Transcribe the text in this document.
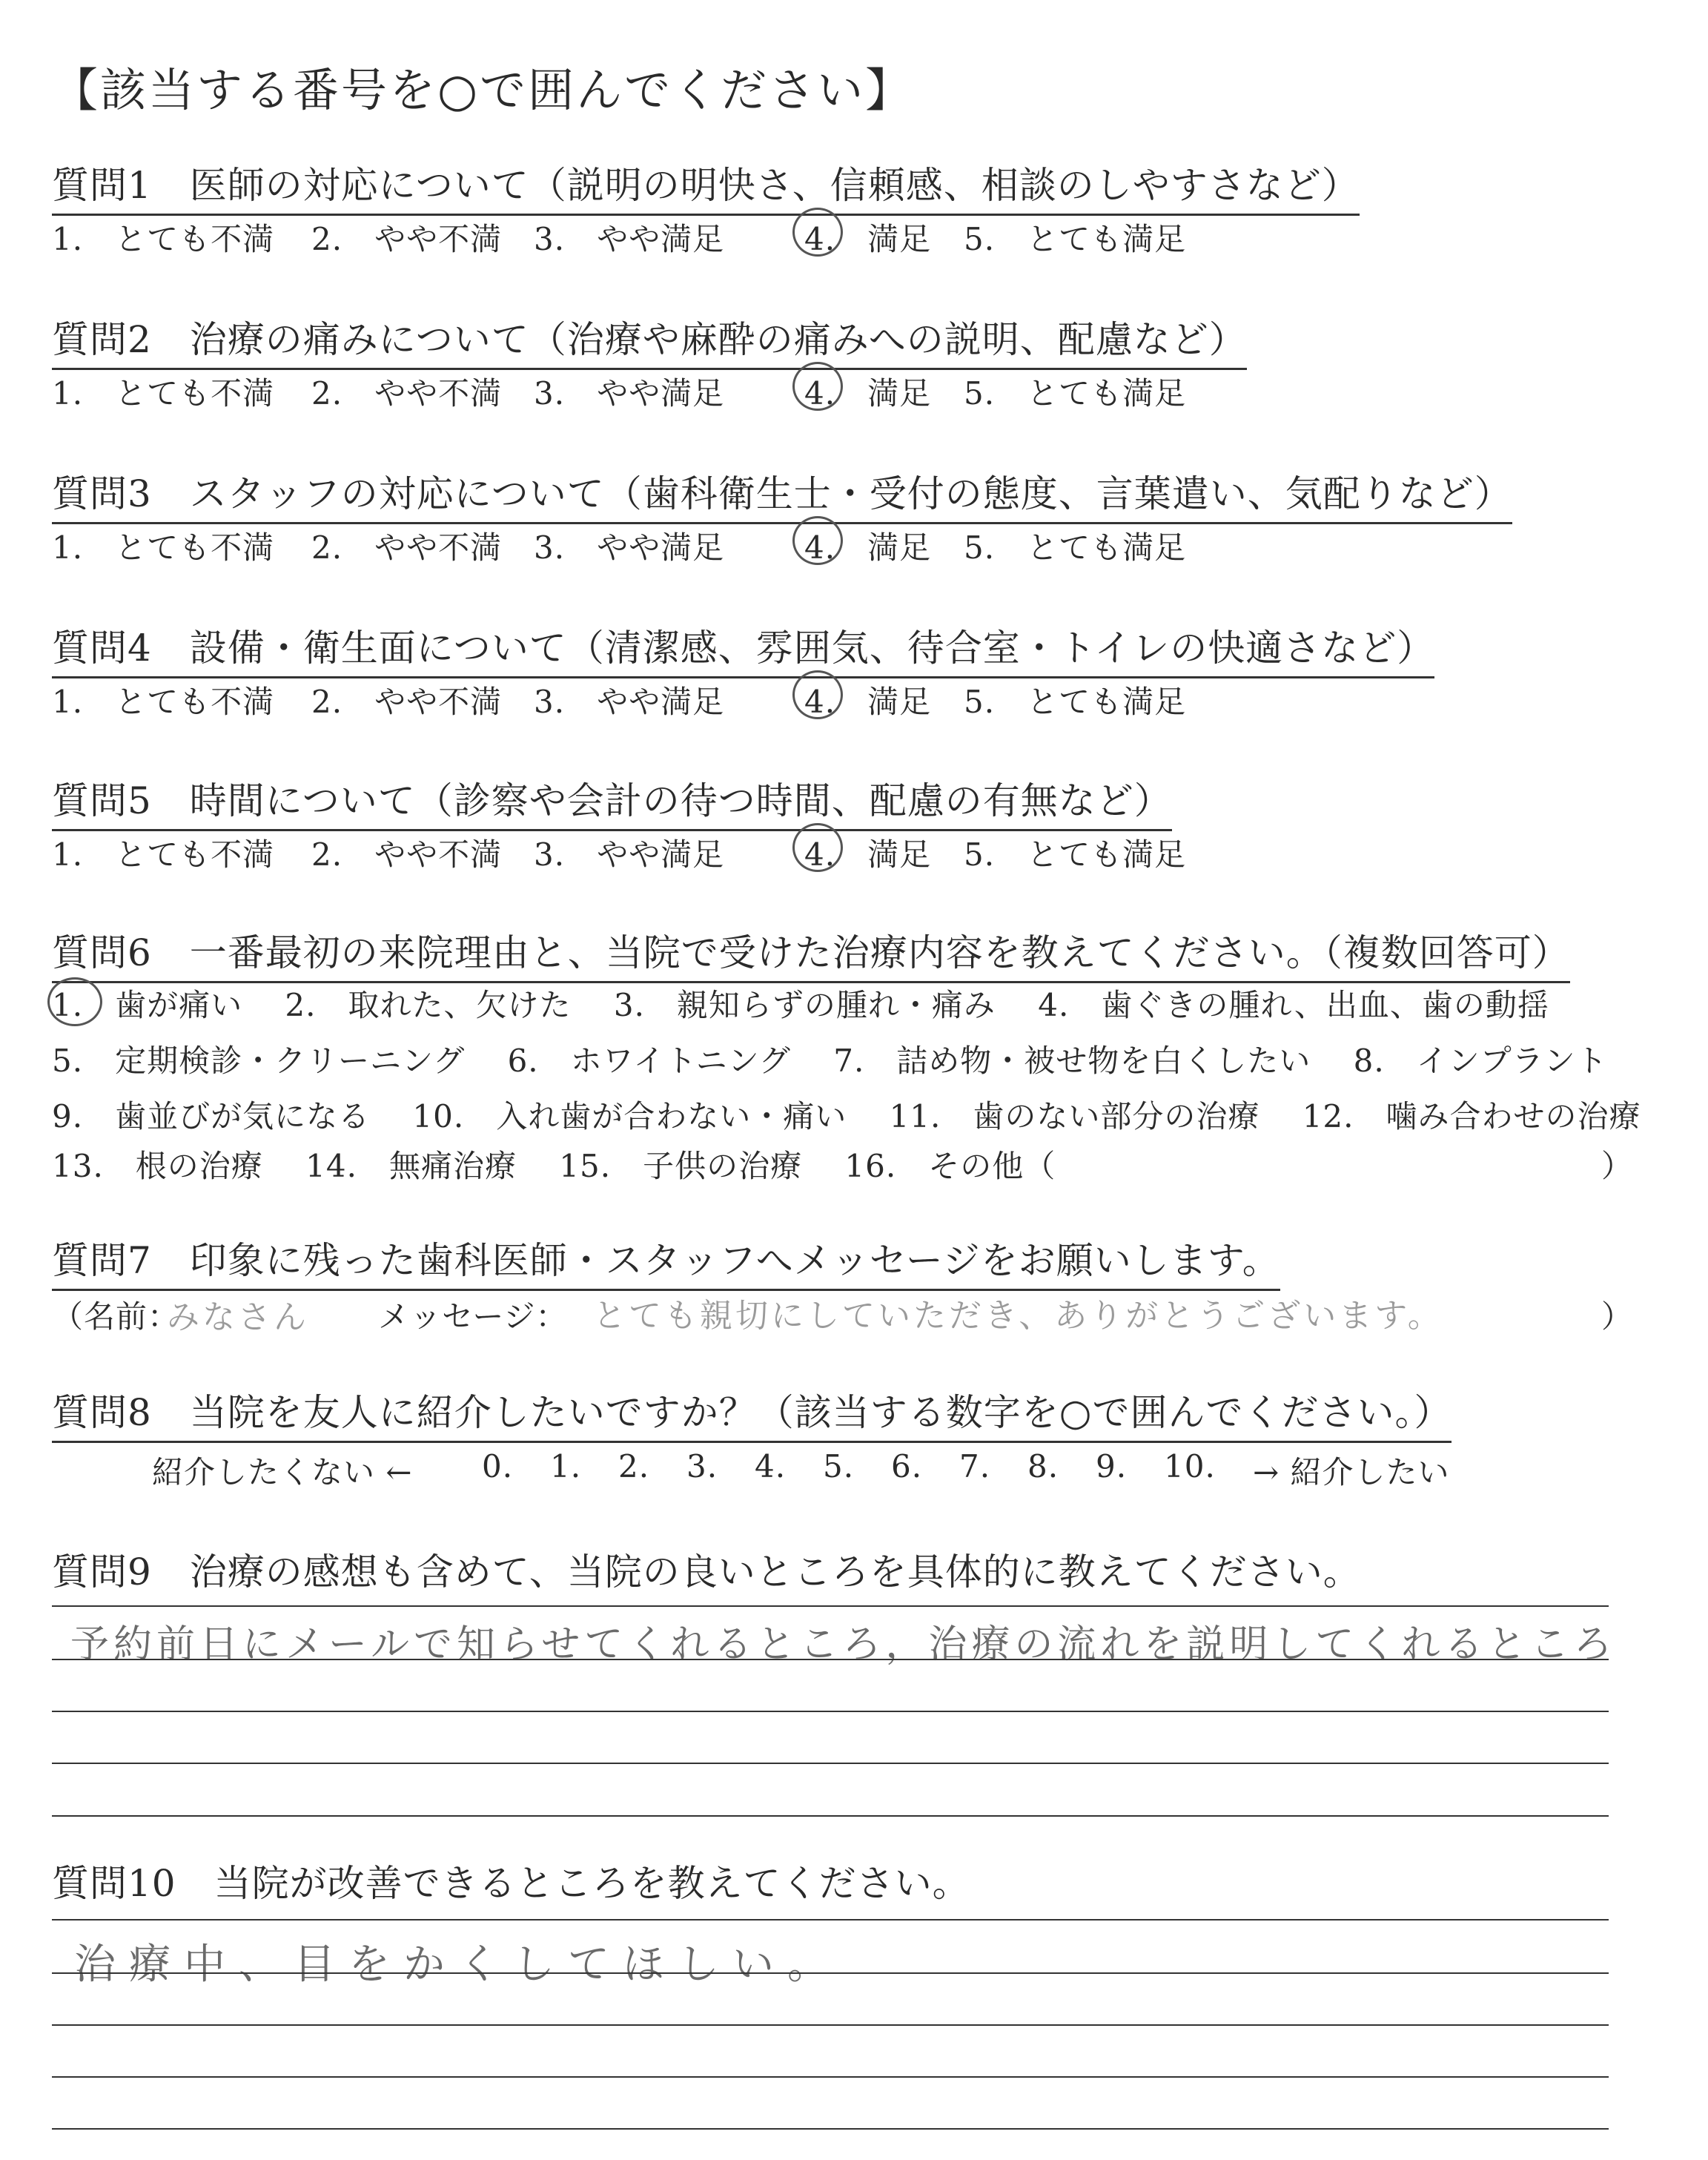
【該当する番号を○で囲んでください】
質問1　医師の対応について（説明の明快さ、信頼感、相談のしやすさなど）
1.　とても不満 2.　やや不満 3.　やや満足	4.　満足 5.　とても満足
質問2　治療の痛みについて（治療や麻酔の痛みへの説明、配慮など）
1.　とても不満 2.　やや不満 3.　やや満足	4.　満足 5.　とても満足
質問3　スタッフの対応について（歯科衛生士・受付の態度、言葉遣い、気配りなど）
1.　とても不満 2.　やや不満 3.　やや満足	4.　満足 5.　とても満足
質問4　設備・衛生面について（清潔感、雰囲気、待合室・トイレの快適さなど）
1.　とても不満 2.　やや不満 3.　やや満足	4.　満足 5.　とても満足
質問5　時間について（診察や会計の待つ時間、配慮の有無など）
1.　とても不満 2.　やや不満 3.　やや満足	4.　満足 5.　とても満足
質問6　一番最初の来院理由と、当院で受けた治療内容を教えてください。（複数回答可）
1.　歯が痛い　 2.　取れた、欠けた　 3.　親知らずの腫れ・痛み　 4.　歯ぐきの腫れ、出血、歯の動揺
5.　定期検診・クリーニング　 6.　ホワイトニング　 7.　詰め物・被せ物を白くしたい　 8.　インプラント
9.　歯並びが気になる　 10.　入れ歯が合わない・痛い　 11.　歯のない部分の治療　 12.　噛み合わせの治療
13.　根の治療　 14.　無痛治療　 15.　子供の治療　 16.　その他（	）
質問7　印象に残った歯科医師・スタッフへメッセージをお願いします。
（名前：
みなさん メッセージ： とても親切にしていただき、ありがとうございます。	）
質問8　当院を友人に紹介したいですか？（該当する数字を○で囲んでください。）
紹介したくない ← 0. 1. 2. 3. 4. 5. 6. 7. 8. 9. 10. → 紹介したい
質問9　治療の感想も含めて、当院の良いところを具体的に教えてください。
予約前日にメールで知らせてくれるところ，治療の流れを説明してくれるところ
質問10　当院が改善できるところを教えてください。
治療中、目をかくしてほしい。
